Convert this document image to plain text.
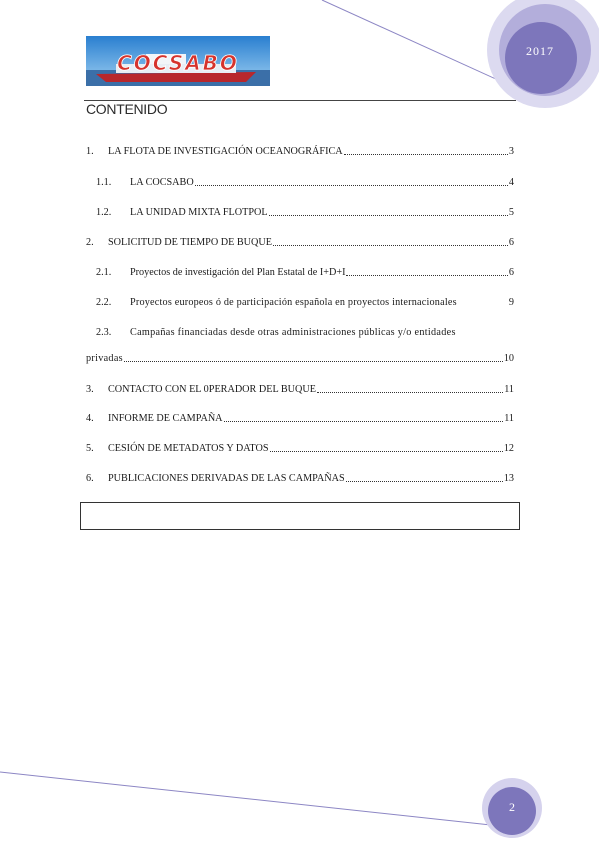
COCSABO	2017
CONTENIDO
1.	LA FLOTA DE INVESTIGACIÓN OCEANOGRÁFICA	3
1.1.	LA COCSABO	4
1.2.	LA UNIDAD MIXTA FLOTPOL	5
2.	SOLICITUD DE TIEMPO DE BUQUE	6
2.1.	Proyectos de investigación del Plan Estatal de I+D+I	6
2.2.	Proyectos europeos ó de participación española en proyectos internacionales	9
2.3.	Campañas financiadas desde otras administraciones públicas y/o entidades
privadas	10
3.	CONTACTO CON EL 0PERADOR DEL BUQUE	11
4.	INFORME DE CAMPAÑA	11
5.	CESIÓN DE METADATOS Y DATOS	12
6.	PUBLICACIONES DERIVADAS DE LAS CAMPAÑAS	13
2
